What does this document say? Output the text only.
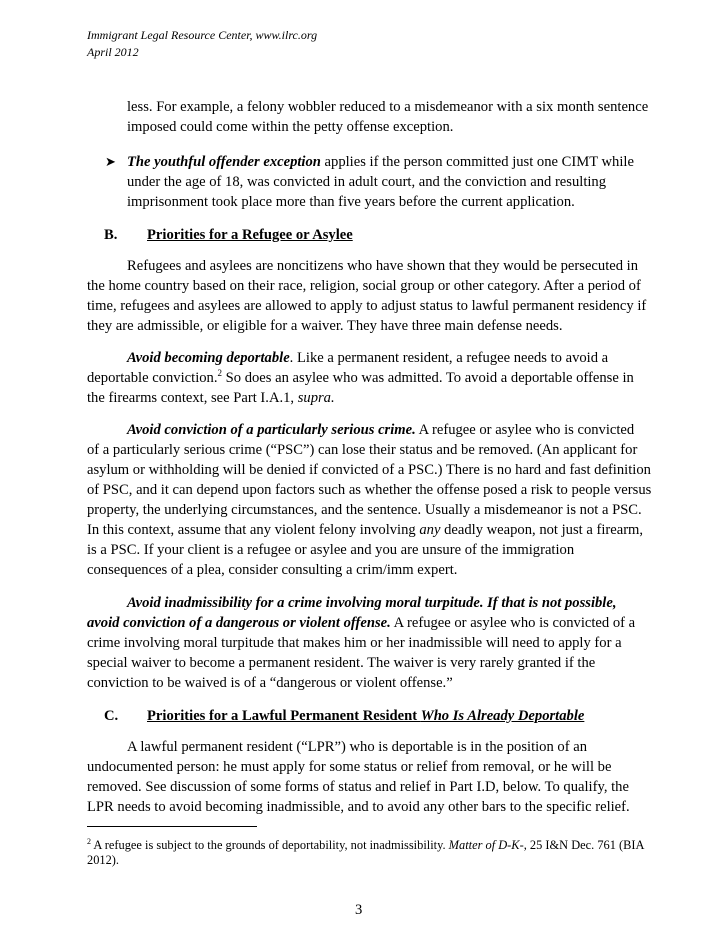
Immigrant Legal Resource Center, www.ilrc.org
April 2012
less. For example, a felony wobbler reduced to a misdemeanor with a six month sentence
imposed could come within the petty offense exception.
➤ The youthful offender exception applies if the person committed just one CIMT while
under the age of 18, was convicted in adult court, and the conviction and resulting
imprisonment took place more than five years before the current application.
B. Priorities for a Refugee or Asylee
Refugees and asylees are noncitizens who have shown that they would be persecuted in
the home country based on their race, religion, social group or other category. After a period of
time, refugees and asylees are allowed to apply to adjust status to lawful permanent residency if
they are admissible, or eligible for a waiver. They have three main defense needs.
Avoid becoming deportable. Like a permanent resident, a refugee needs to avoid a
deportable conviction.$^2$ So does an asylee who was admitted. To avoid a deportable offense in
the firearms context, see Part I.A.1, supra.
Avoid conviction of a particularly serious crime. A refugee or asylee who is convicted
of a particularly serious crime (“PSC”) can lose their status and be removed. (An applicant for
asylum or withholding will be denied if convicted of a PSC.) There is no hard and fast definition
of PSC, and it can depend upon factors such as whether the offense posed a risk to people versus
property, the underlying circumstances, and the sentence. Usually a misdemeanor is not a PSC.
In this context, assume that any violent felony involving any deadly weapon, not just a firearm,
is a PSC. If your client is a refugee or asylee and you are unsure of the immigration
consequences of a plea, consider consulting a crim/imm expert.
Avoid inadmissibility for a crime involving moral turpitude. If that is not possible,
avoid conviction of a dangerous or violent offense. A refugee or asylee who is convicted of a
crime involving moral turpitude that makes him or her inadmissible will need to apply for a
special waiver to become a permanent resident. The waiver is very rarely granted if the
conviction to be waived is of a “dangerous or violent offense.”
C. Priorities for a Lawful Permanent Resident Who Is Already Deportable
A lawful permanent resident (“LPR”) who is deportable is in the position of an
undocumented person: he must apply for some status or relief from removal, or he will be
removed. See discussion of some forms of status and relief in Part I.D, below. To qualify, the
LPR needs to avoid becoming inadmissible, and to avoid any other bars to the specific relief.
$^2$ A refugee is subject to the grounds of deportability, not inadmissibility. Matter of D-K-, 25 I&N Dec. 761 (BIA
2012).
3
